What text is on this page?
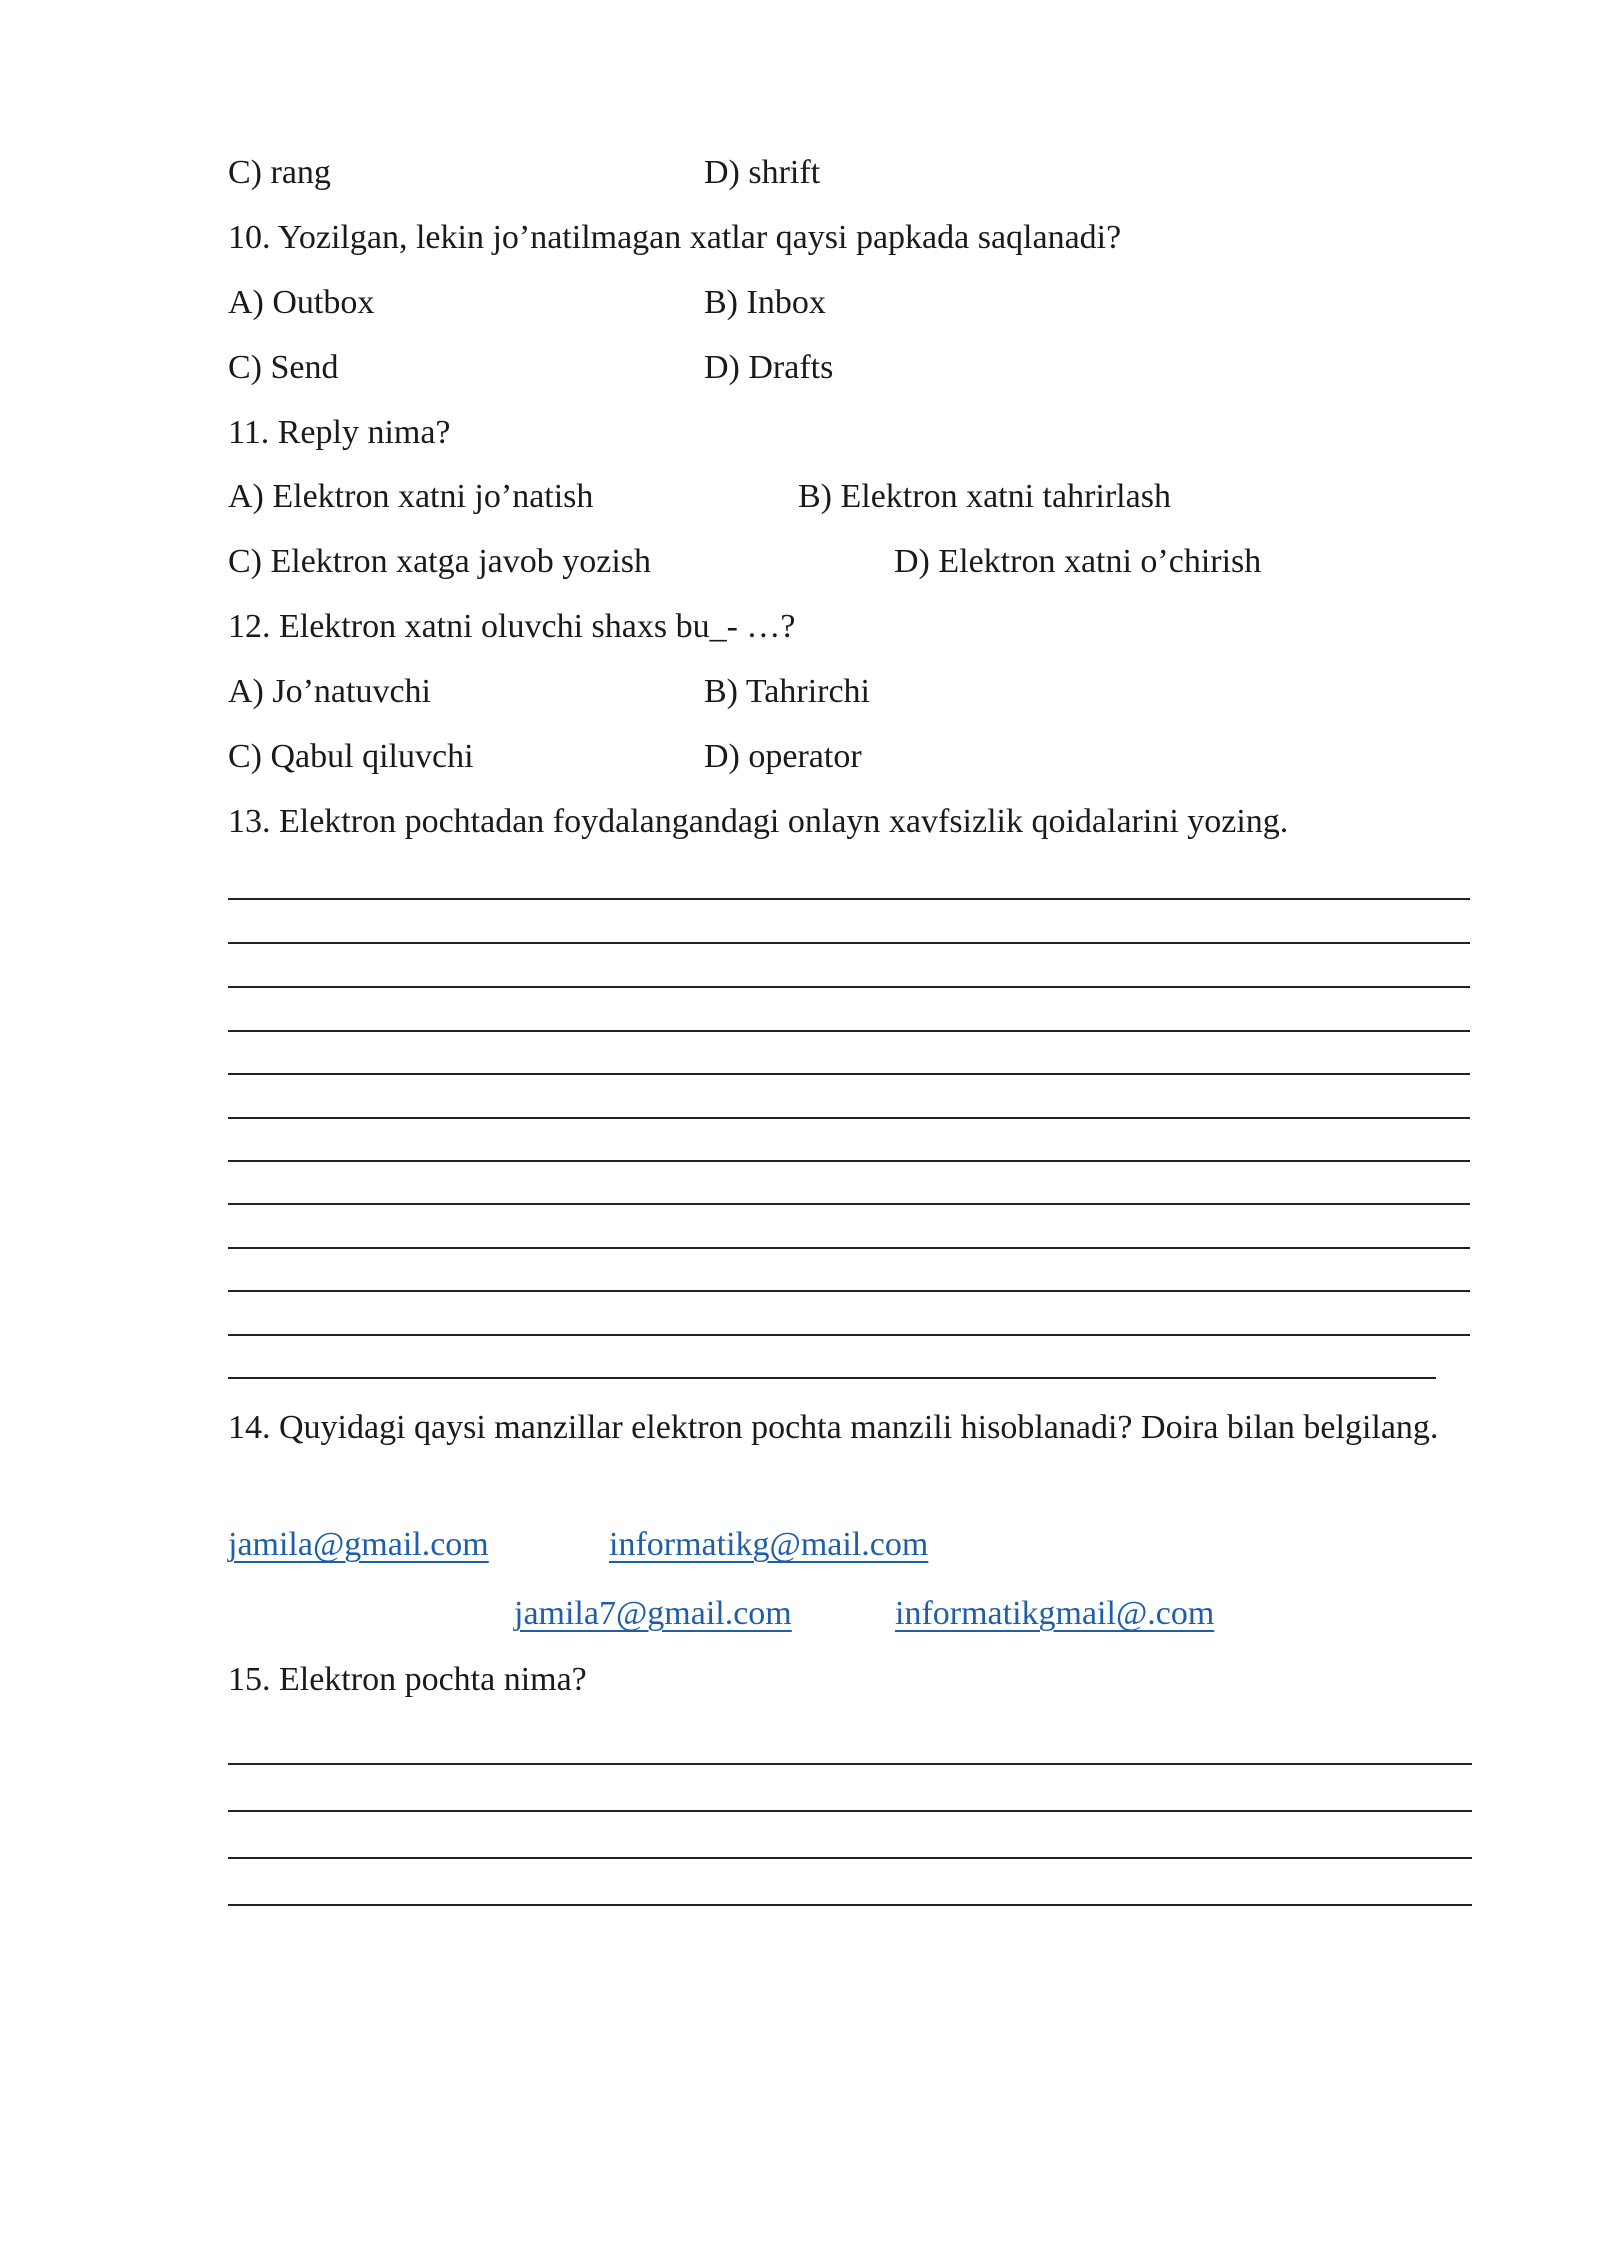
C) rang	D) shrift
10. Yozilgan, lekin jo’natilmagan xatlar qaysi papkada saqlanadi?
A) Outbox	B) Inbox
C) Send	D) Drafts
11. Reply nima?
A) Elektron xatni jo’natish	B) Elektron xatni tahrirlash
C) Elektron xatga javob yozish	D) Elektron xatni o’chirish
12. Elektron xatni oluvchi shaxs bu_- …?
A) Jo’natuvchi	B) Tahrirchi
C) Qabul qiluvchi	D) operator
13. Elektron pochtadan foydalangandagi onlayn xavfsizlik qoidalarini yozing.
14. Quyidagi qaysi manzillar elektron pochta manzili hisoblanadi? Doira bilan belgilang.
jamila@gmail.com	informatikg@mail.com
jamila7@gmail.com	informatikgmail@.com
15. Elektron pochta nima?
